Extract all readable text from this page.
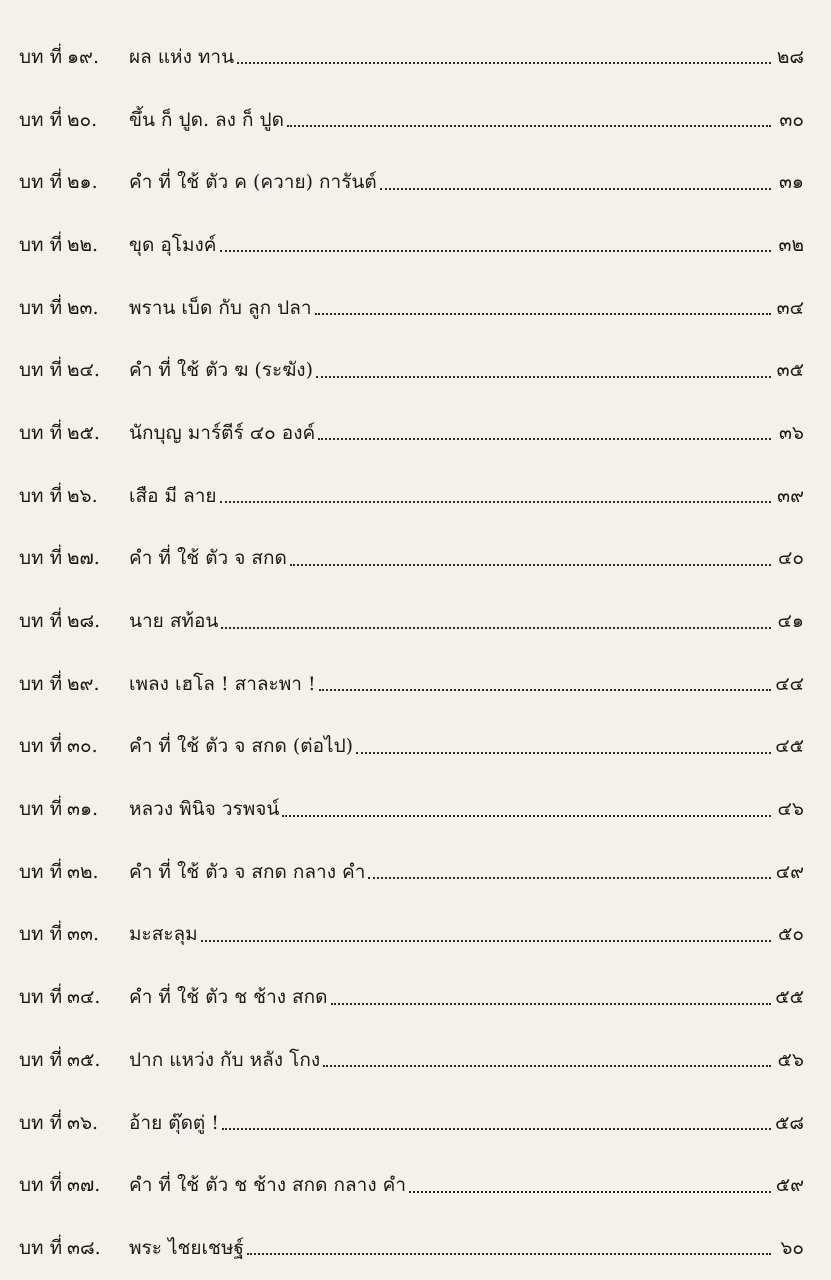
บท ที่ ๑๙.	ผล แห่ง ทาน	๒๘
บท ที่ ๒๐.	ขึ้น ก็ ปูด. ลง ก็ ปูด	๓๐
บท ที่ ๒๑.	คำ ที่ ใช้ ตัว ค (ควาย) การันต์	๓๑
บท ที่ ๒๒.	ขุด อุโมงค์	๓๒
บท ที่ ๒๓.	พราน เบ็ด กับ ลูก ปลา	๓๔
บท ที่ ๒๔.	คำ ที่ ใช้ ตัว ฆ (ระฆัง)	๓๕
บท ที่ ๒๕.	นักบุญ มาร์ตีร์ ๔๐ องค์	๓๖
บท ที่ ๒๖.	เสือ มี ลาย	๓๙
บท ที่ ๒๗.	คำ ที่ ใช้ ตัว จ สกด	๔๐
บท ที่ ๒๘.	นาย สท้อน	๔๑
บท ที่ ๒๙.	เพลง เฮโล ! สาละพา !	๔๔
บท ที่ ๓๐.	คำ ที่ ใช้ ตัว จ สกด (ต่อไป)	๔๕
บท ที่ ๓๑.	หลวง พินิจ วรพจน์	๔๖
บท ที่ ๓๒.	คำ ที่ ใช้ ตัว จ สกด กลาง คำ	๔๙
บท ที่ ๓๓.	มะสะลุม	๕๐
บท ที่ ๓๔.	คำ ที่ ใช้ ตัว ช ช้าง สกด	๕๕
บท ที่ ๓๕.	ปาก แหว่ง กับ หลัง โกง	๕๖
บท ที่ ๓๖.	อ้าย ตุ๊ดตู่ !	๕๘
บท ที่ ๓๗.	คำ ที่ ใช้ ตัว ช ช้าง สกด กลาง คำ	๕๙
บท ที่ ๓๘.	พระ ไชยเชษฐ์	๖๐
